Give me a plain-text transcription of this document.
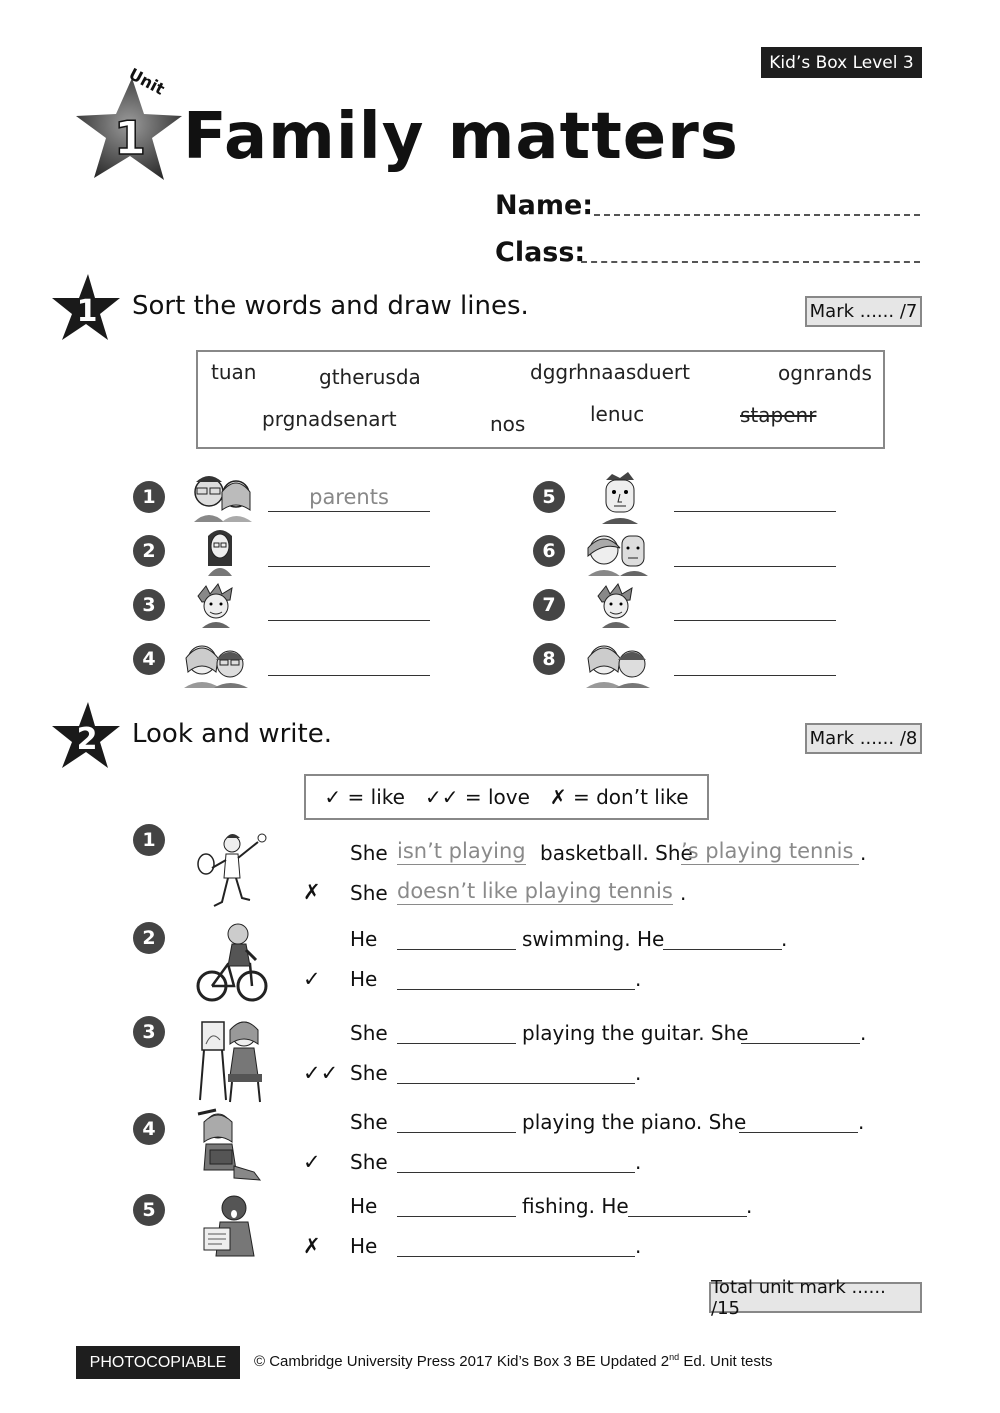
Kid’s Box Level 3
1
Unit
Family matters
Name:
Class:
1 Sort the words and draw lines.	Mark ...... /7
tuan	gtherusda	dggrhnaasduert	ognrands
prgnadsenart	nos	lenuc	stapenr
1	parents
2
3
4
5
6
7
8
2 Look and write.	Mark ...... /8
✓ = like ✓✓ = love ✗ = don’t like
1
She isn’t playing basketball. She
’s playing tennis .
✗ She doesn’t like playing tennis .
2	He	swimming. He	.
✓ He	.
3	She	playing the guitar. She	.
✓✓ She	.
4	She	playing the piano. She	.
✓ She	.
5	He	fishing. He	.
✗ He	.
Total unit mark ...... /15
PHOTOCOPIABLE	© Cambridge University Press 2017 Kid’s Box 3 BE Updated 2nd Ed. Unit tests
